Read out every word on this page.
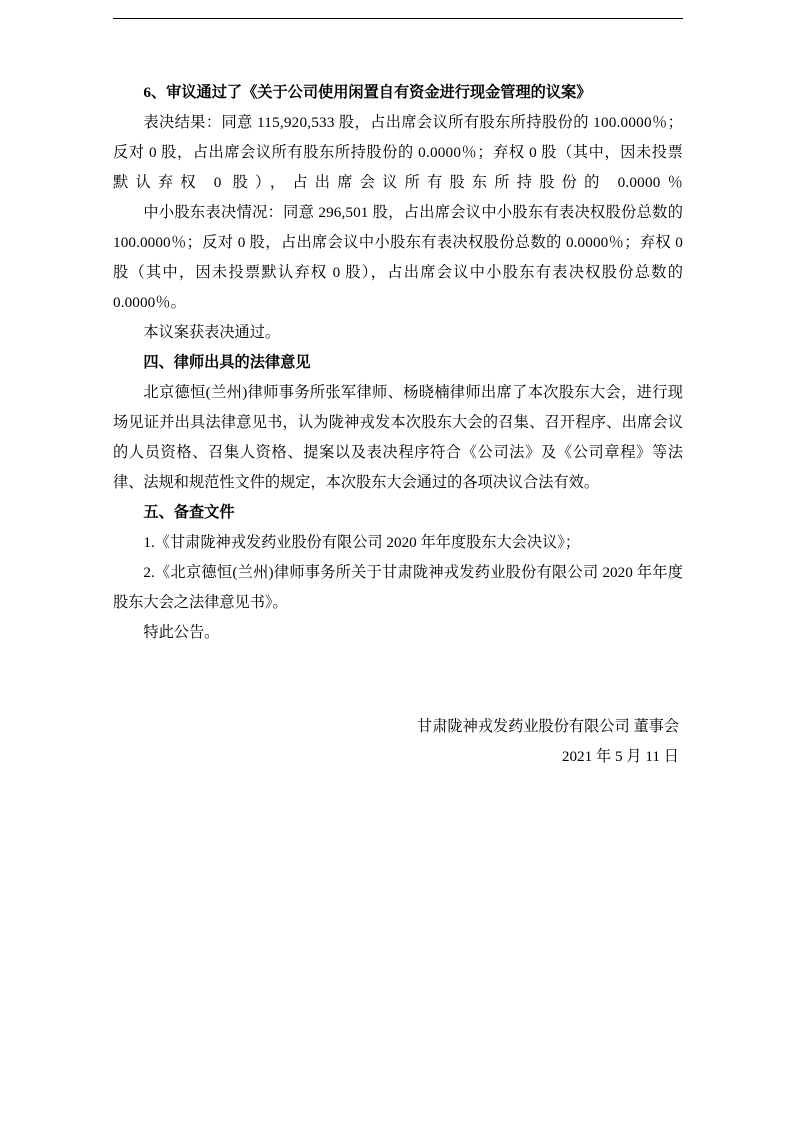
6、审议通过了《关于公司使用闲置自有资金进行现金管理的议案》

表决结果：同意 115,920,533 股，占出席会议所有股东所持股份的 100.0000％；反对 0 股，占出席会议所有股东所持股份的 0.0000％；弃权 0 股（其中，因未投票默认弃权 0 股），占出席会议所有股东所持股份的 0.0000％

中小股东表决情况：同意 296,501 股，占出席会议中小股东有表决权股份总数的 100.0000％；反对 0 股，占出席会议中小股东有表决权股份总数的 0.0000％；弃权 0 股（其中，因未投票默认弃权 0 股），占出席会议中小股东有表决权股份总数的 0.0000％。

本议案获表决通过。

四、律师出具的法律意见

北京德恒(兰州)律师事务所张军律师、杨晓楠律师出席了本次股东大会，进行现场见证并出具法律意见书，认为陇神戎发本次股东大会的召集、召开程序、出席会议的人员资格、召集人资格、提案以及表决程序符合《公司法》及《公司章程》等法律、法规和规范性文件的规定，本次股东大会通过的各项决议合法有效。

五、备查文件

1.《甘肃陇神戎发药业股份有限公司 2020 年年度股东大会决议》；

2.《北京德恒(兰州)律师事务所关于甘肃陇神戎发药业股份有限公司 2020 年年度股东大会之法律意见书》。

特此公告。

甘肃陇神戎发药业股份有限公司 董事会
2021 年 5 月 11 日
